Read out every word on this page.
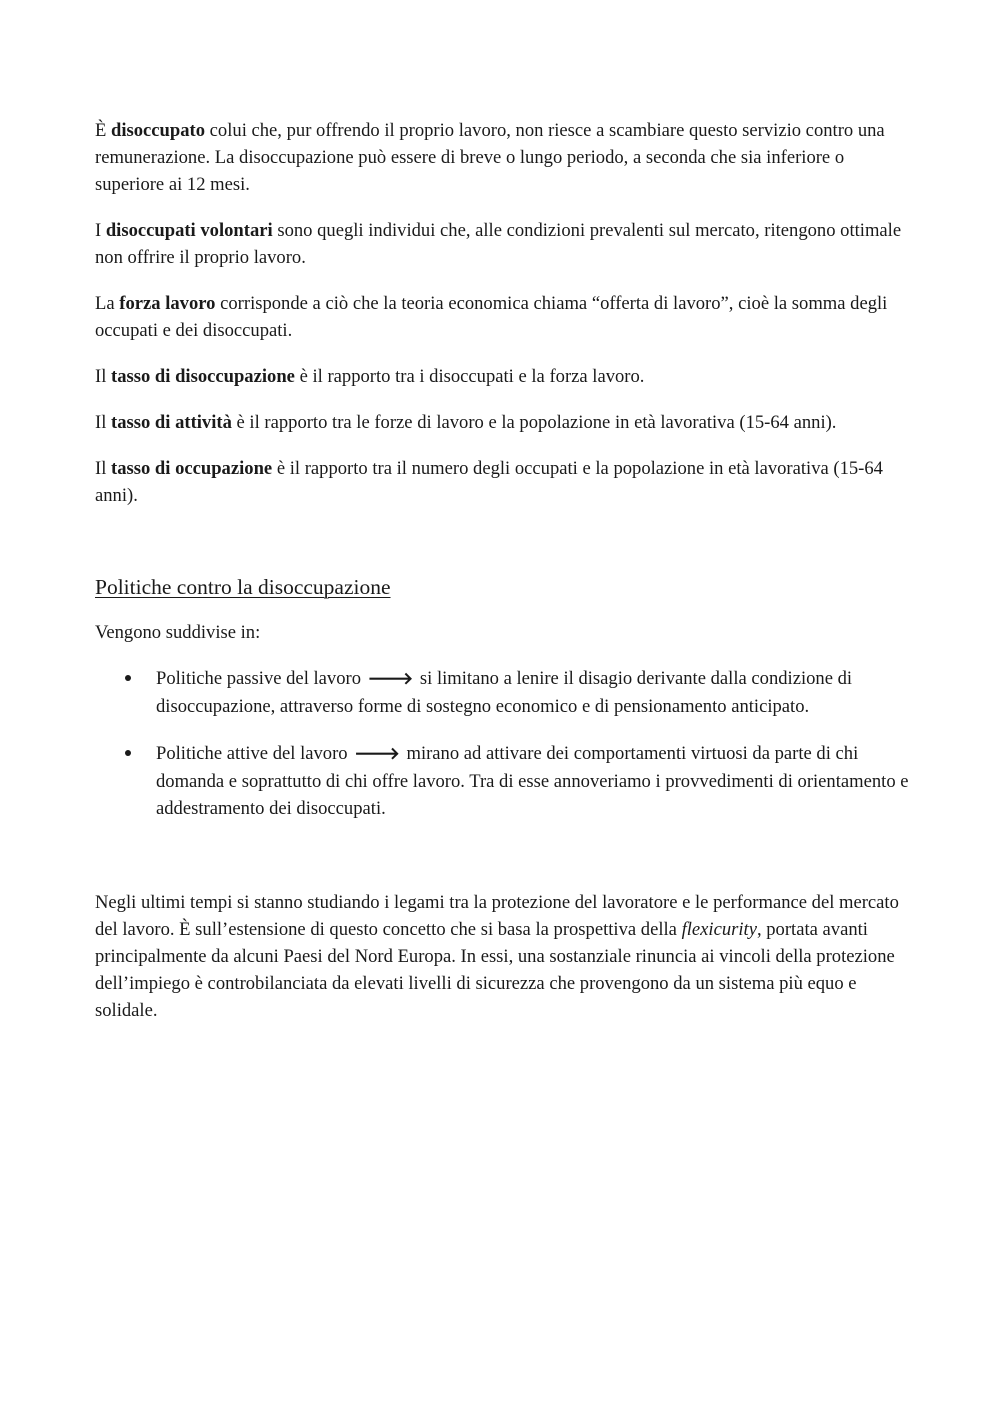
È disoccupato colui che, pur offrendo il proprio lavoro, non riesce a scambiare questo servizio contro una remunerazione. La disoccupazione può essere di breve o lungo periodo, a seconda che sia inferiore o superiore ai 12 mesi.

I disoccupati volontari sono quegli individui che, alle condizioni prevalenti sul mercato, ritengono ottimale non offrire il proprio lavoro.

La forza lavoro corrisponde a ciò che la teoria economica chiama “offerta di lavoro”, cioè la somma degli occupati e dei disoccupati.

Il tasso di disoccupazione è il rapporto tra i disoccupati e la forza lavoro.

Il tasso di attività è il rapporto tra le forze di lavoro e la popolazione in età lavorativa (15-64 anni).

Il tasso di occupazione è il rapporto tra il numero degli occupati e la popolazione in età lavorativa (15-64 anni).

Politiche contro la disoccupazione

Vengono suddivise in:

Politiche passive del lavoro 🡒 si limitano a lenire il disagio derivante dalla condizione di disoccupazione, attraverso forme di sostegno economico e di pensionamento anticipato.
Politiche attive del lavoro 🡒 mirano ad attivare dei comportamenti virtuosi da parte di chi domanda e soprattutto di chi offre lavoro. Tra di esse annoveriamo i provvedimenti di orientamento e addestramento dei disoccupati.

Negli ultimi tempi si stanno studiando i legami tra la protezione del lavoratore e le performance del mercato del lavoro. È sull’estensione di questo concetto che si basa la prospettiva della flexicurity, portata avanti principalmente da alcuni Paesi del Nord Europa. In essi, una sostanziale rinuncia ai vincoli della protezione dell’impiego è controbilanciata da elevati livelli di sicurezza che provengono da un sistema più equo e solidale.
